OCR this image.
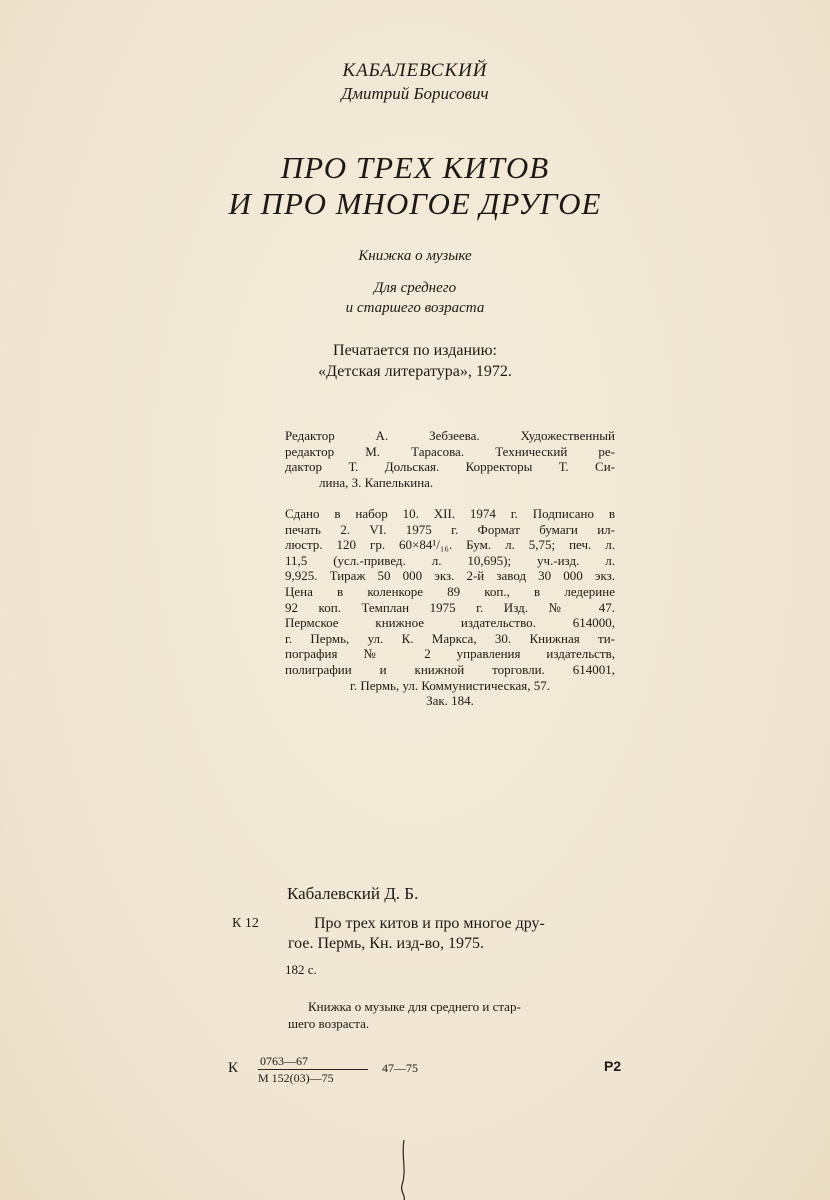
КАБАЛЕВСКИЙ
Дмитрий Борисович
ПРО ТРЕХ КИТОВ
И ПРО МНОГОЕ ДРУГОЕ
Книжка о музыке
Для среднего
и старшего возраста
Печатается по изданию:
«Детская литература», 1972.
Редактор А. Зебзеева. Художественный
редактор М. Тарасова. Технический ре-
дактор Т. Дольская. Корректоры Т. Си-
лина, З. Капелькина.
Сдано в набор 10. XII. 1974 г. Подписано в
печать 2. VI. 1975 г. Формат бумаги ил-
люстр. 120 гр. 60×84¹/₁₆. Бум. л. 5,75; печ. л.
11,5 (усл.-привед. л. 10,695); уч.-изд. л.
9,925. Тираж 50 000 экз. 2-й завод 30 000 экз.
Цена в коленкоре 89 коп., в ледерине
92 коп. Темплан 1975 г. Изд. № 47.
Пермское книжное издательство. 614000,
г. Пермь, ул. К. Маркса, 30. Книжная ти-
пография № 2 управления издательств,
полиграфии и книжной торговли. 614001,
г. Пермь, ул. Коммунистическая, 57.
Зак. 184.
Кабалевский Д. Б.
К 12	Про трех китов и про многое дру-
гое. Пермь, Кн. изд-во, 1975.
182 с.
Книжка о музыке для среднего и стар-
шего возраста.
К 0763—67
М 152(03)—75
47—75	Р2
